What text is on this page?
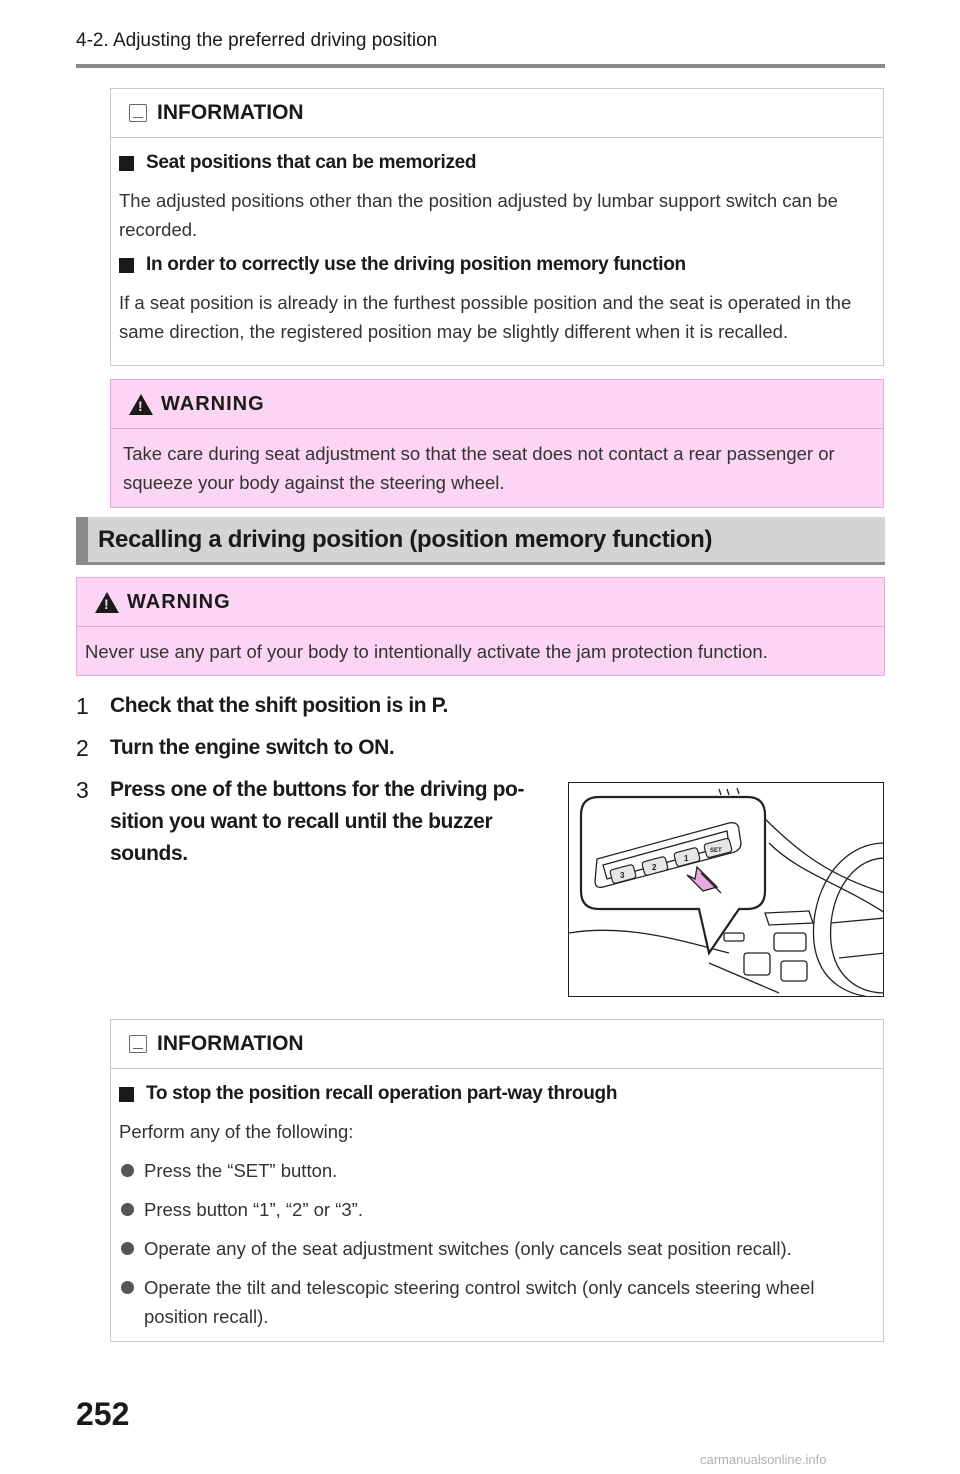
4-2. Adjusting the preferred driving position
INFORMATION
Seat positions that can be memorized

The adjusted positions other than the position adjusted by lumbar support switch can be recorded.

In order to correctly use the driving position memory function

If a seat position is already in the furthest possible position and the seat is operated in the same direction, the registered position may be slightly different when it is recalled.

!
WARNING
Take care during seat adjustment so that the seat does not contact a rear passenger or squeeze your body against the steering wheel.
Recalling a driving position (position memory function)
!
WARNING
Never use any part of your body to intentionally activate the jam protection function.
1 Check that the shift position is in P.
2 Turn the engine switch to ON.
3 Press one of the buttons for the driving po-
sition you want to recall until the buzzer
sounds.
3
2
1
SET
INFORMATION
To stop the position recall operation part-way through

Perform any of the following:

Press the “SET” button.
Press button “1”, “2” or “3”.
Operate any of the seat adjustment switches (only cancels seat position recall).
Operate the tilt and telescopic steering control switch (only cancels steering wheel position recall).
252
carmanualsonline.info
